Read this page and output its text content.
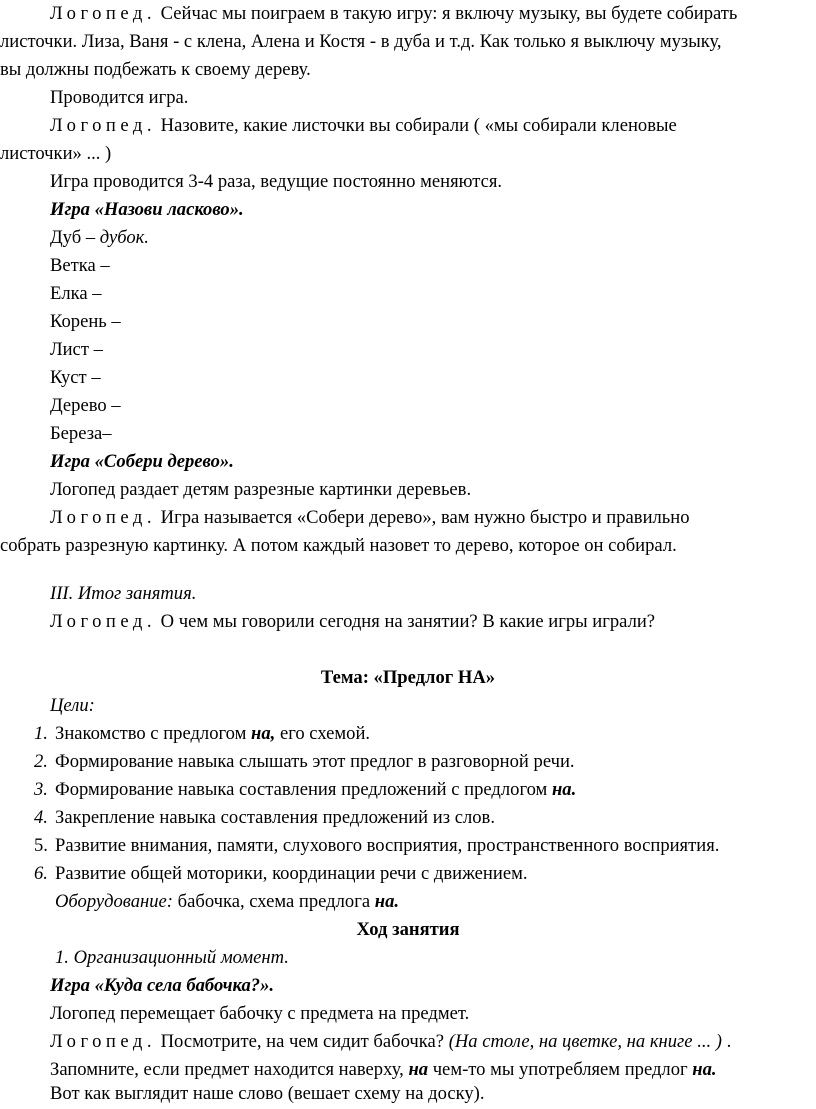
Логопед. Сейчас мы поиграем в такую игру: я включу музыку, вы будете собирать
листочки. Лиза, Ваня - с клена, Алена и Костя - в дуба и т.д. Как только я выключу музыку,
вы должны подбежать к своему дереву.
Проводится игра.
Логопед. Назовите, какие листочки вы собирали ( «мы собирали кленовые
листочки» ... )
Игра проводится 3-4 раза, ведущие постоянно меняются.
Игра «Назови ласково».
Дуб – дубок.
Ветка –
Елка –
Корень –
Лист –
Куст –
Дерево –
Береза–
Игра «Собери дерево».
Логопед раздает детям разрезные картинки деревьев.
Логопед. Игра называется «Собери дерево», вам нужно быстро и правильно
собрать разрезную картинку. А потом каждый назовет то дерево, которое он собирал.
III. Итог занятия.
Логопед. О чем мы говорили сегодня на занятии? В какие игры играли?
Тема: «Предлог НА»
Цели:
1. Знакомство с предлогом на, его схемой.
2. Формирование навыка слышать этот предлог в разговорной речи.
3. Формирование навыка составления предложений с предлогом на.
4. Закрепление навыка составления предложений из слов.
5. Развитие внимания, памяти, слухового восприятия, пространственного восприятия.
6. Развитие общей моторики, координации речи с движением.
Оборудование: бабочка, схема предлога на.
Ход занятия
1. Организационный момент.
Игра «Куда села бабочка?».
Логопед перемещает бабочку с предмета на предмет.
Логопед. Посмотрите, на чем сидит бабочка? (На столе, на цветке, на книге ... ) .
Запомните, если предмет находится наверху, на чем-то мы употребляем предлог на.
Вот как выглядит наше слово (вешает схему на доску).
